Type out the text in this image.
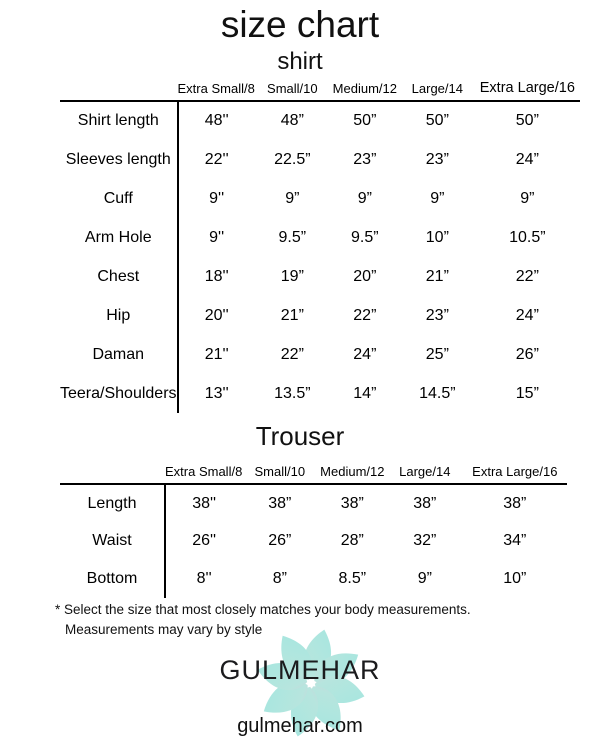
size chart
shirt
	Extra Small/8	Small/10	Medium/12	Large/14	Extra Large/16
Shirt length	48''	48”	50”	50”	50”
Sleeves length	22''	22.5”	23”	23”	24”
Cuff	9''	9”	9”	9”	9”
Arm Hole	9''	9.5”	9.5”	10”	10.5”
Chest	18''	19”	20”	21”	22”
Hip	20''	21”	22”	23”	24”
Daman	21''	22”	24”	25”	26”
Teera/Shoulders	13''	13.5”	14”	14.5”	15”
Trouser
	Extra Small/8	Small/10	Medium/12	Large/14	Extra Large/16
Length	38''	38”	38”	38”	38”
Waist	26''	26”	28”	32”	34”
Bottom	8''	8”	8.5”	9”	10”
* Select the size that most closely matches your body measurements.
Measurements may vary by style
GULMEHAR
gulmehar.com
